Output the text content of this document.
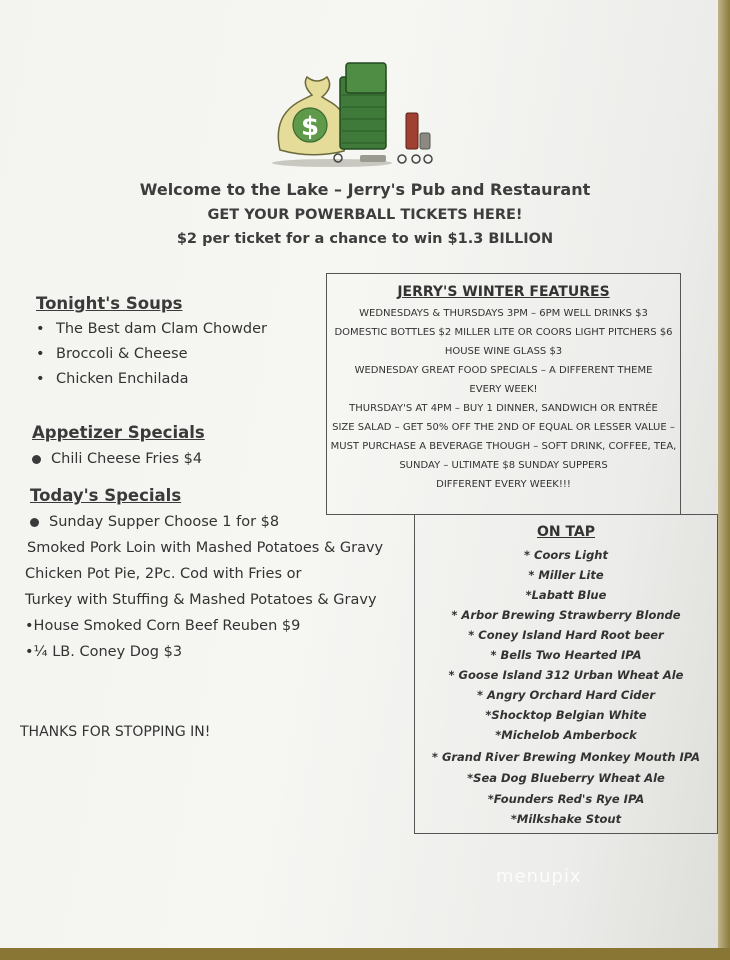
$
Welcome to the Lake – Jerry's Pub and Restaurant
GET YOUR POWERBALL TICKETS HERE!
$2 per ticket for a chance to win $1.3 BILLION
Tonight's Soups
• The Best dam Clam Chowder
• Broccoli & Cheese
• Chicken Enchilada
Appetizer Specials
Chili Cheese Fries $4
Today's Specials
Sunday Supper Choose 1 for $8
Smoked Pork Loin with Mashed Potatoes & Gravy
Chicken Pot Pie, 2Pc. Cod with Fries or
Turkey with Stuffing & Mashed Potatoes & Gravy
•House Smoked Corn Beef Reuben $9
•¼ LB. Coney Dog $3
THANKS FOR STOPPING IN!
JERRY'S WINTER FEATURES
WEDNESDAYS & THURSDAYS 3PM – 6PM WELL DRINKS $3
DOMESTIC BOTTLES $2 MILLER LITE OR COORS LIGHT PITCHERS $6
HOUSE WINE GLASS $3
WEDNESDAY GREAT FOOD SPECIALS – A DIFFERENT THEME
EVERY WEEK!
THURSDAY'S AT 4PM – BUY 1 DINNER, SANDWICH OR ENTRÉE
SIZE SALAD – GET 50% OFF THE 2ND OF EQUAL OR LESSER VALUE –
MUST PURCHASE A BEVERAGE THOUGH – SOFT DRINK, COFFEE, TEA,
SUNDAY – ULTIMATE $8 SUNDAY SUPPERS
DIFFERENT EVERY WEEK!!!
ON TAP
* Coors Light
* Miller Lite
*Labatt Blue
* Arbor Brewing Strawberry Blonde
* Coney Island Hard Root beer
* Bells Two Hearted IPA
* Goose Island 312 Urban Wheat Ale
* Angry Orchard Hard Cider
*Shocktop Belgian White
*Michelob Amberbock
* Grand River Brewing Monkey Mouth IPA
*Sea Dog Blueberry Wheat Ale
*Founders Red's Rye IPA
*Milkshake Stout
menupix
